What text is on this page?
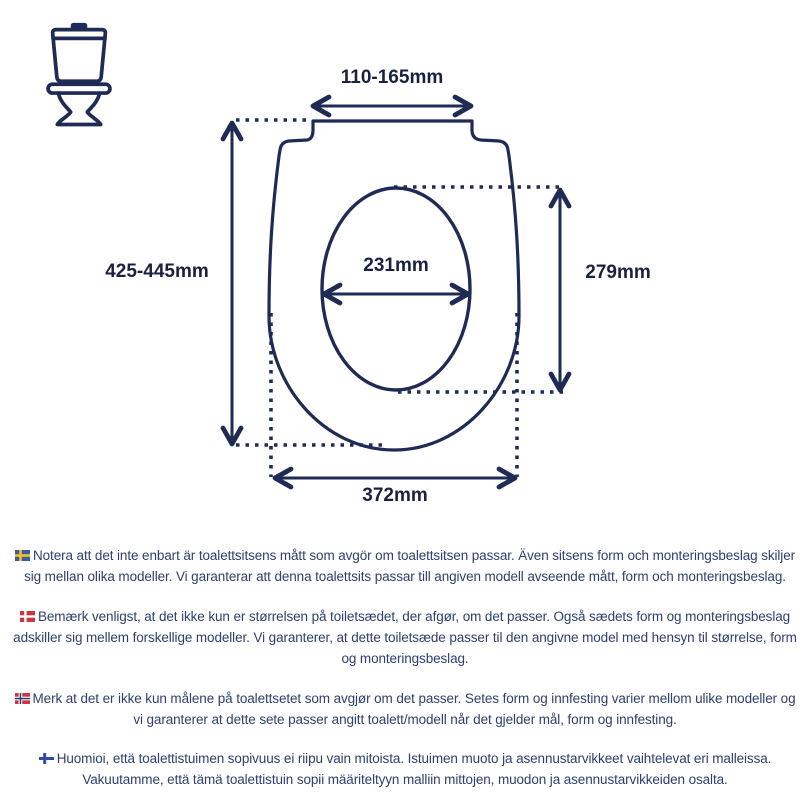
110-165mm
425-445mm	231mm	279mm
372mm

Notera att det inte enbart är toalettsitsens mått som avgör om toalettsitsen passar. Även sitsens form och monteringsbeslag skiljer sig mellan olika modeller. Vi garanterar att denna toalettsits passar till angiven modell avseende mått, form och monteringsbeslag.

Bemærk venligst, at det ikke kun er størrelsen på toiletsædet, der afgør, om det passer. Også sædets form og monteringsbeslag adskiller sig mellem forskellige modeller. Vi garanterer, at dette toiletsæde passer til den angivne model med hensyn til størrelse, form og monteringsbeslag.

Merk at det er ikke kun målene på toalettsetet som avgjør om det passer. Setes form og innfesting varier mellom ulike modeller og vi garanterer at dette sete passer angitt toalett/modell når det gjelder mål, form og innfesting.

Huomioi, että toalettistuimen sopivuus ei riipu vain mitoista. Istuimen muoto ja asennustarvikkeet vaihtelevat eri malleissa. Vakuutamme, että tämä toalettistuin sopii määriteltyyn malliin mittojen, muodon ja asennustarvikkeiden osalta.
